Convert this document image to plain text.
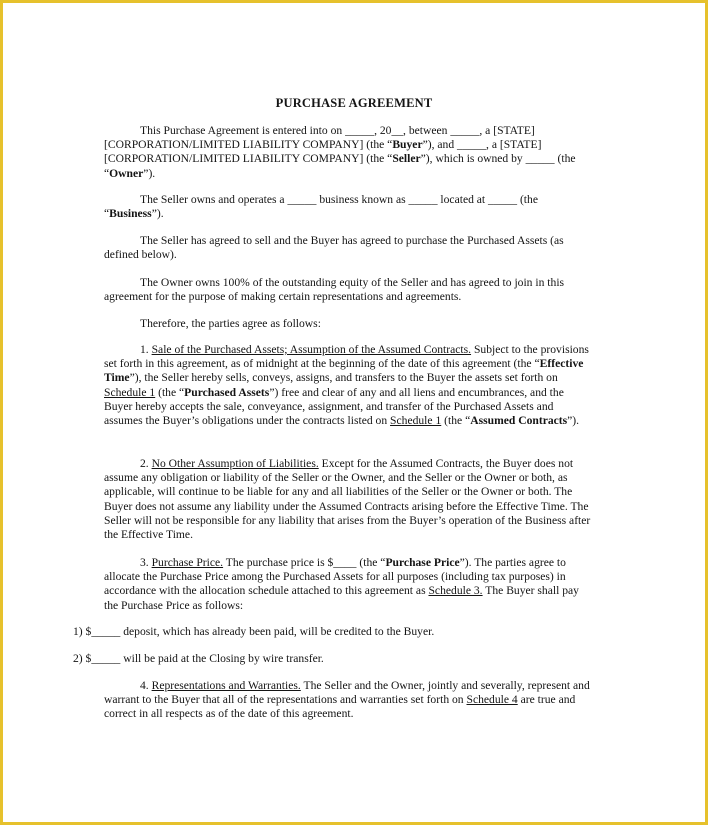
PURCHASE AGREEMENT
This Purchase Agreement is entered into on _____, 20__, between _____, a [STATE] [CORPORATION/LIMITED LIABILITY COMPANY] (the “Buyer”), and _____, a [STATE] [CORPORATION/LIMITED LIABILITY COMPANY] (the “Seller”), which is owned by _____ (the “Owner”).
The Seller owns and operates a _____ business known as _____ located at _____ (the “Business”).
The Seller has agreed to sell and the Buyer has agreed to purchase the Purchased Assets (as defined below).
The Owner owns 100% of the outstanding equity of the Seller and has agreed to join in this agreement for the purpose of making certain representations and agreements.
Therefore, the parties agree as follows:
1. Sale of the Purchased Assets; Assumption of the Assumed Contracts. Subject to the provisions set forth in this agreement, as of midnight at the beginning of the date of this agreement (the “Effective Time”), the Seller hereby sells, conveys, assigns, and transfers to the Buyer the assets set forth on Schedule 1 (the “Purchased Assets”) free and clear of any and all liens and encumbrances, and the Buyer hereby accepts the sale, conveyance, assignment, and transfer of the Purchased Assets and assumes the Buyer’s obligations under the contracts listed on Schedule 1 (the “Assumed Contracts”).
2. No Other Assumption of Liabilities. Except for the Assumed Contracts, the Buyer does not assume any obligation or liability of the Seller or the Owner, and the Seller or the Owner or both, as applicable, will continue to be liable for any and all liabilities of the Seller or the Owner or both. The Buyer does not assume any liability under the Assumed Contracts arising before the Effective Time. The Seller will not be responsible for any liability that arises from the Buyer’s operation of the Business after the Effective Time.
3. Purchase Price. The purchase price is $____ (the “Purchase Price”). The parties agree to allocate the Purchase Price among the Purchased Assets for all purposes (including tax purposes) in accordance with the allocation schedule attached to this agreement as Schedule 3. The Buyer shall pay the Purchase Price as follows:
1) $_____ deposit, which has already been paid, will be credited to the Buyer.
2) $_____ will be paid at the Closing by wire transfer.
4. Representations and Warranties. The Seller and the Owner, jointly and severally, represent and warrant to the Buyer that all of the representations and warranties set forth on Schedule 4 are true and correct in all respects as of the date of this agreement.
